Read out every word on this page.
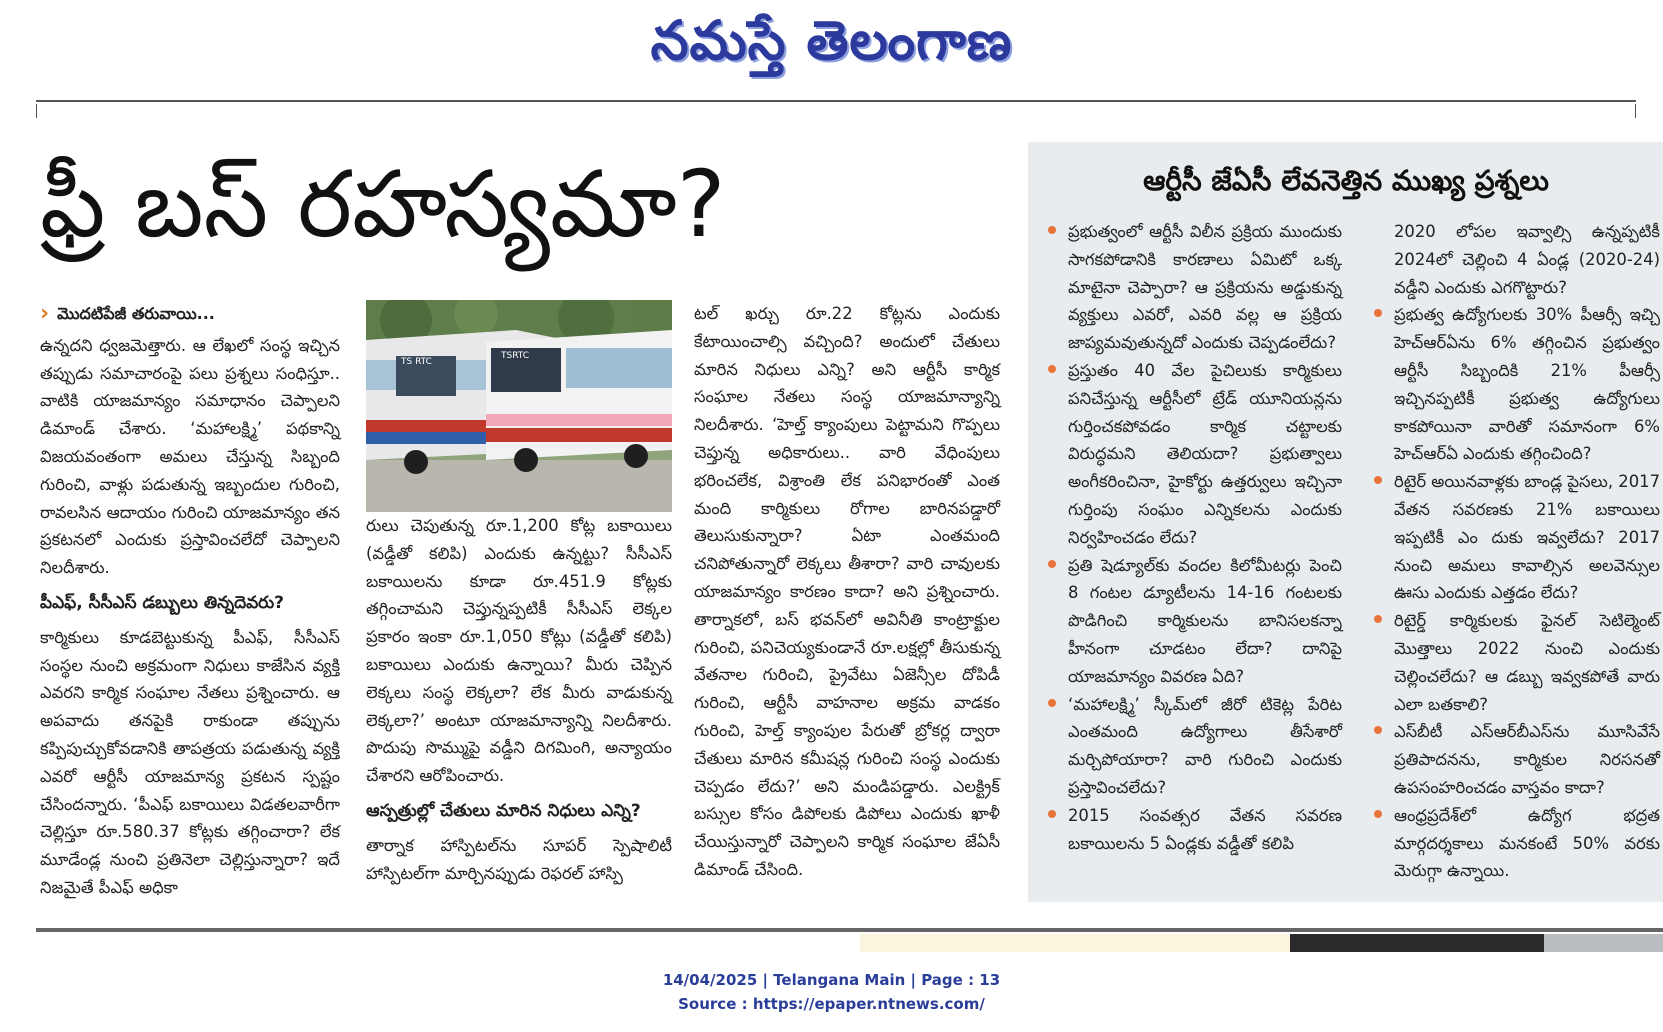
నమస్తే తెలంగాణ
ఫ్రీ బస్ రహస్యమా?
› మొదటిపేజీ తరువాయి...

ఉన్నదని ధ్వజమెత్తారు. ఆ లేఖలో సంస్థ ఇచ్చిన తప్పుడు సమాచారంపై పలు ప్రశ్నలు సంధిస్తూ.. వాటికి యాజమాన్యం సమాధానం చెప్పాలని డిమాండ్ చేశారు. ‘మహాలక్ష్మి’ పథకాన్ని విజయవంతంగా అమలు చేస్తున్న సిబ్బంది గురించి, వాళ్లు పడుతున్న ఇబ్బందుల గురించి, రావలసిన ఆదాయం గురించి యాజమాన్యం తన ప్రకటనలో ఎందుకు ప్రస్తావించలేదో చెప్పాలని నిలదీశారు.

పీఎఫ్, సీసీఎస్ డబ్బులు తిన్నదెవరు?

కార్మికులు కూడబెట్టుకున్న పీఎఫ్, సీసీఎస్ సంస్థల నుంచి అక్రమంగా నిధులు కాజేసిన వ్యక్తి ఎవరని కార్మిక సంఘాల నేతలు ప్రశ్నించారు. ఆ అపవాదు తనపైకి రాకుండా తప్పును కప్పిపుచ్చుకోవడానికి తాపత్రయ పడుతున్న వ్యక్తి ఎవరో ఆర్టీసీ యాజమాన్య ప్రకటన స్పష్టం చేసిందన్నారు. ‘పీఎఫ్ బకాయిలు విడతలవారీగా చెల్లిస్తూ రూ.580.37 కోట్లకు తగ్గించారా? లేక మూడేండ్ల నుంచి ప్రతినెలా చెల్లిస్తున్నారా? ఇదే నిజమైతే పీఎఫ్ అధికా

TSRTC
TS RTC

రులు చెపుతున్న రూ.1,200 కోట్ల బకాయిలు (వడ్డీతో కలిపి) ఎందుకు ఉన్నట్టు? సీసీఎస్ బకాయిలను కూడా రూ.451.9 కోట్లకు తగ్గించామని చెప్తున్నప్పటికీ సీసీఎస్ లెక్కల ప్రకారం ఇంకా రూ.1,050 కోట్లు (వడ్డీతో కలిపి) బకాయిలు ఎందుకు ఉన్నాయి? మీరు చెప్పిన లెక్కలు సంస్థ లెక్కలా? లేక మీరు వాడుకున్న లెక్కలా?’ అంటూ యాజమాన్యాన్ని నిలదీశారు. పొదుపు సొమ్ముపై వడ్డీని దిగమింగి, అన్యాయం చేశారని ఆరోపించారు.

ఆస్పత్రుల్లో చేతులు మారిన నిధులు ఎన్ని?

తార్నాక హాస్పిటల్‌ను సూపర్ స్పెషాలిటీ హాస్పిటల్‌గా మార్చినప్పుడు రెఫరల్ హాస్పి

టల్ ఖర్చు రూ.22 కోట్లను ఎందుకు కేటాయించాల్సి వచ్చింది? అందులో చేతులు మారిన నిధులు ఎన్ని? అని ఆర్టీసీ కార్మిక సంఘాల నేతలు సంస్థ యాజమాన్యాన్ని నిలదీశారు. ‘హెల్త్ క్యాంపులు పెట్టామని గొప్పలు చెప్తున్న అధికారులు.. వారి వేధింపులు భరించలేక, విశ్రాంతి లేక పనిభారంతో ఎంత మంది కార్మికులు రోగాల బారినపడ్డారో తెలుసుకున్నారా? ఏటా ఎంతమంది చనిపోతున్నారో లెక్కలు తీశారా? వారి చావులకు యాజమాన్యం కారణం కాదా? అని ప్రశ్నించారు. తార్నాకలో, బస్ భవన్‌లో అవినీతి కాంట్రాక్టుల గురించి, పనిచెయ్యకుండానే రూ.లక్షల్లో తీసుకున్న వేతనాల గురించి, ప్రైవేటు ఏజెన్సీల దోపిడీ గురించి, ఆర్టీసీ వాహనాల అక్రమ వాడకం గురించి, హెల్త్ క్యాంపుల పేరుతో బ్రోకర్ల ద్వారా చేతులు మారిన కమీషన్ల గురించి సంస్థ ఎందుకు చెప్పడం లేదు?’ అని మండిపడ్డారు. ఎలక్ట్రిక్ బస్సుల కోసం డిపోలకు డిపోలు ఎందుకు ఖాళీ చేయిస్తున్నారో చెప్పాలని కార్మిక సంఘాల జేఏసీ డిమాండ్ చేసింది.

ఆర్టీసీ జేఏసీ లేవనెత్తిన ముఖ్య ప్రశ్నలు
ప్రభుత్వంలో ఆర్టీసీ విలీన ప్రక్రియ ముందుకు సాగకపోడానికి కారణాలు ఏమిటో ఒక్క మాటైనా చెప్పారా? ఆ ప్రక్రియను అడ్డుకున్న వ్యక్తులు ఎవరో, ఎవరి వల్ల ఆ ప్రక్రియ జాప్యమవుతున్నదో ఎందుకు చెప్పడంలేదు?
ప్రస్తుతం 40 వేల పైచిలుకు కార్మికులు పనిచేస్తున్న ఆర్టీసీలో ట్రేడ్ యూనియన్లను గుర్తించకపోవడం కార్మిక చట్టాలకు విరుద్ధమని తెలియదా? ప్రభుత్వాలు అంగీకరించినా, హైకోర్టు ఉత్తర్వులు ఇచ్చినా గుర్తింపు సంఘం ఎన్నికలను ఎందుకు నిర్వహించడం లేదు?
ప్రతి షెడ్యూల్‌కు వందల కిలోమీటర్లు పెంచి 8 గంటల డ్యూటీలను 14-16 గంటలకు పొడిగించి కార్మికులను బానిసలకన్నా హీనంగా చూడటం లేదా? దానిపై యాజమాన్యం వివరణ ఏది?
‘మహాలక్ష్మి’ స్కీమ్‌లో జీరో టికెట్ల పేరిట ఎంతమంది ఉద్యోగాలు తీసేశారో మర్చిపోయారా? వారి గురించి ఎందుకు ప్రస్తావించలేదు?
2015 సంవత్సర వేతన సవరణ బకాయిలను 5 ఏండ్లకు వడ్డీతో కలిపి
2020 లోపల ఇవ్వాల్సి ఉన్నప్పటికీ 2024లో చెల్లించి 4 ఏండ్ల (2020-24) వడ్డీని ఎందుకు ఎగగొట్టారు?
ప్రభుత్వ ఉద్యోగులకు 30% పీఆర్సీ ఇచ్చి హెచ్‌ఆర్‌ఏను 6% తగ్గించిన ప్రభుత్వం ఆర్టీసీ సిబ్బందికి 21% పీఆర్సీ ఇచ్చినప్పటికీ ప్రభుత్వ ఉద్యోగులు కాకపోయినా వారితో సమానంగా 6% హెచ్‌ఆర్‌ఏ ఎందుకు తగ్గించింది?
రిటైర్ అయినవాళ్లకు బాండ్ల పైసలు, 2017 వేతన సవరణకు 21% బకాయిలు ఇప్పటికీ ఎం దుకు ఇవ్వలేదు? 2017 నుంచి అమలు కావాల్సిన అలవెన్సుల ఊసు ఎందుకు ఎత్తడం లేదు?
రిటైర్డ్ కార్మికులకు ఫైనల్ సెటిల్మెంట్ మొత్తాలు 2022 నుంచి ఎందుకు చెల్లించలేదు? ఆ డబ్బు ఇవ్వకపోతే వారు ఎలా బతకాలి?
ఎస్‌బీటీ ఎస్‌ఆర్‌బీఎస్‌ను మూసివేసే ప్రతిపాదనను, కార్మికుల నిరసనతో ఉపసంహరించడం వాస్తవం కాదా?
ఆంధ్రప్రదేశ్‌లో ఉద్యోగ భద్రత మార్గదర్శకాలు మనకంటే 50% వరకు మెరుగ్గా ఉన్నాయి.
14/04/2025 | Telangana Main | Page : 13
Source : https://epaper.ntnews.com/
